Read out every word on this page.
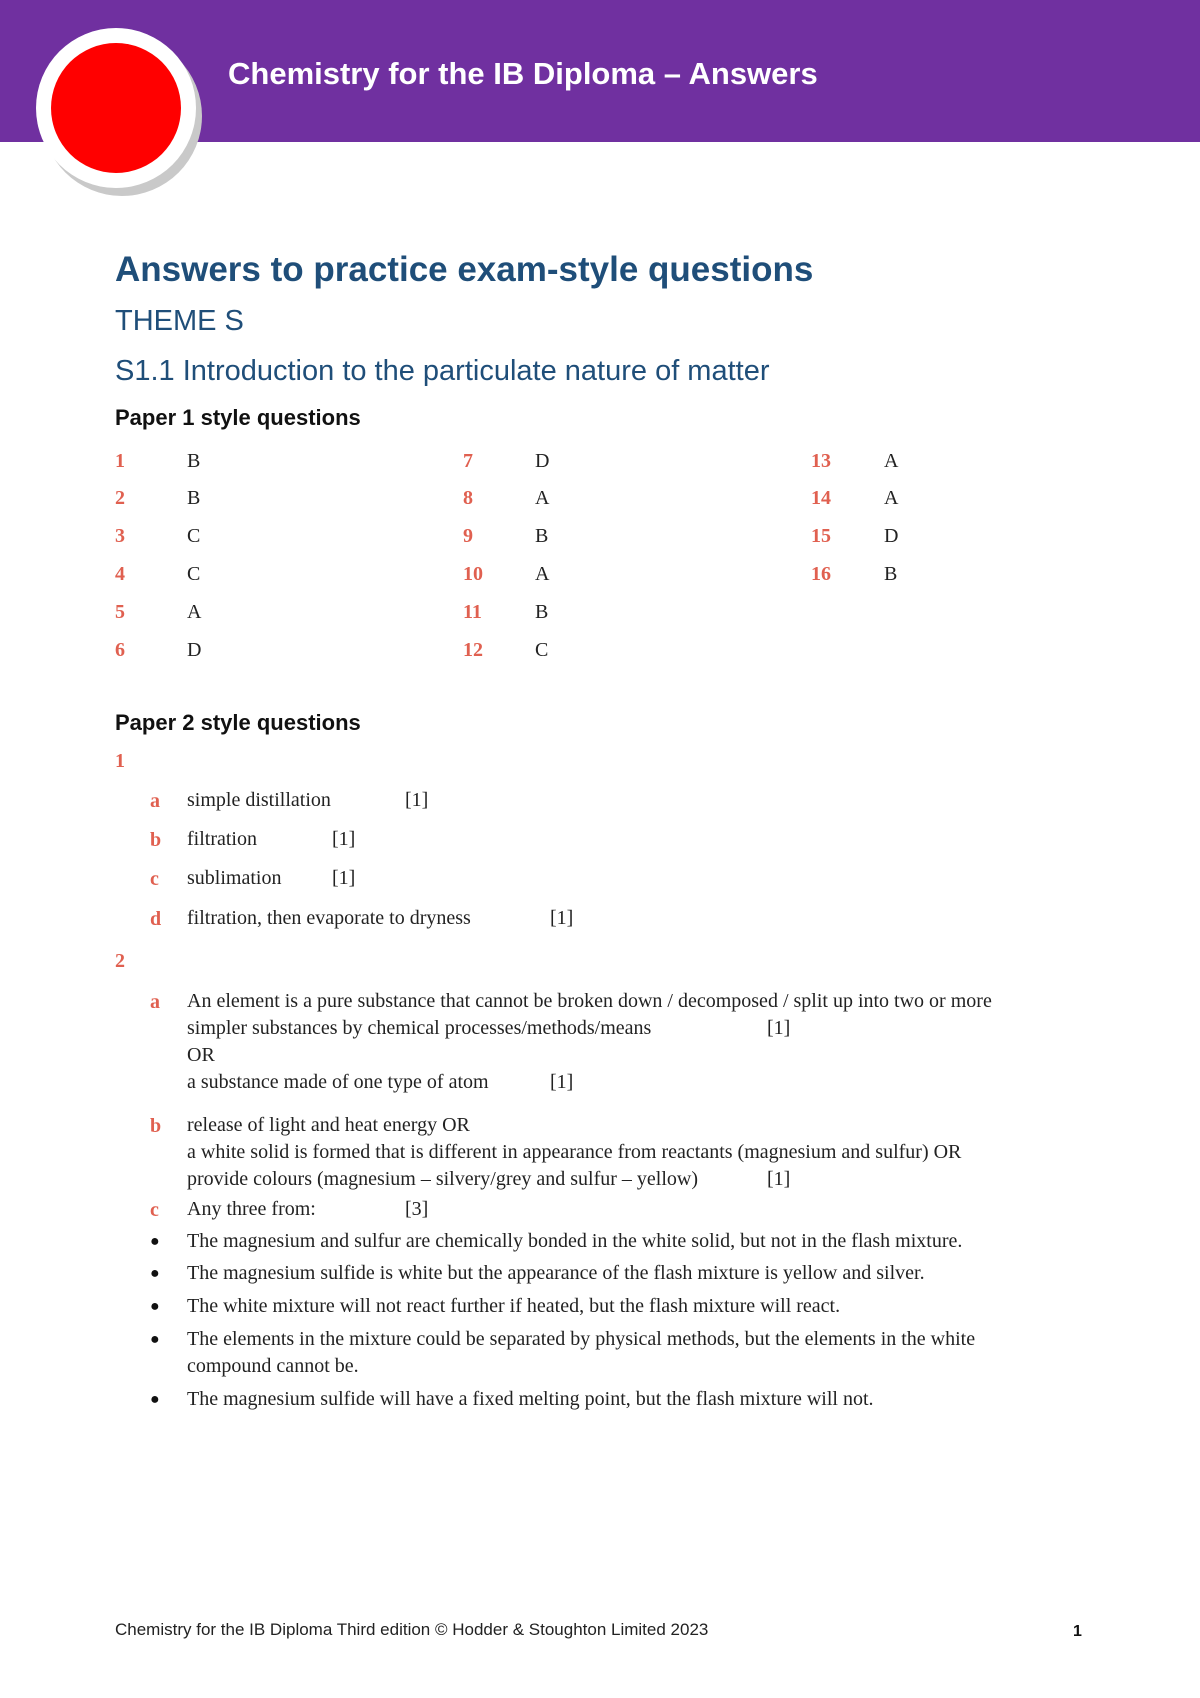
Chemistry for the IB Diploma – Answers
Answers to practice exam-style questions
THEME S
S1.1 Introduction to the particulate nature of matter
Paper 1 style questions
1	B
2	B
3	C
4	C
5	A
6	D
7	D
8	A
9	B
10	A
11	B
12	C
13	A
14	A
15	D
16	B
Paper 2 style questions
1
a simple distillation	[1]
b filtration	[1]
c sublimation	[1]
d filtration, then evaporate to dryness	[1]
2
a An element is a pure substance that cannot be broken down / decomposed / split up into two or more
simpler substances by chemical processes/methods/means	[1]
OR
a substance made of one type of atom	[1]
b release of light and heat energy OR
a white solid is formed that is different in appearance from reactants (magnesium and sulfur) OR
provide colours (magnesium – silvery/grey and sulfur – yellow)	[1]
c Any three from:	[3]
● The magnesium and sulfur are chemically bonded in the white solid, but not in the flash mixture.
● The magnesium sulfide is white but the appearance of the flash mixture is yellow and silver.
● The white mixture will not react further if heated, but the flash mixture will react.
● The elements in the mixture could be separated by physical methods, but the elements in the white
compound cannot be.
● The magnesium sulfide will have a fixed melting point, but the flash mixture will not.
Chemistry for the IB Diploma Third edition © Hodder & Stoughton Limited 2023	1
